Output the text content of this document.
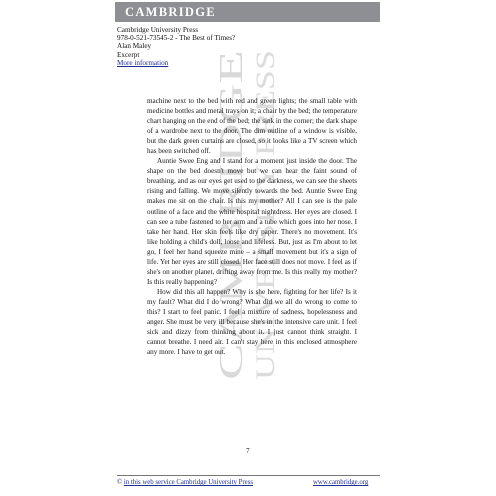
CAMBRIDGE
Cambridge University Press
978-0-521-73545-2 - The Best of Times?
Alan Maley
Excerpt
More information
CAMBRIDGE UNIVERSITY PRESS

machine next to the bed with red and green lights; the small table with medicine bottles and metal trays on it; a chair by the bed; the temperature chart hanging on the end of the bed; the sink in the corner; the dark shape of a wardrobe next to the door. The dim outline of a window is visible, but the dark green curtains are closed, so it looks like a TV screen which has been switched off.

Auntie Swee Eng and I stand for a moment just inside the door. The shape on the bed doesn't move but we can hear the faint sound of breathing, and as our eyes get used to the darkness, we can see the sheets rising and falling. We move silently towards the bed. Auntie Swee Eng makes me sit on the chair. Is this my mother? All I can see is the pale outline of a face and the white hospital nightdress. Her eyes are closed. I can see a tube fastened to her arm and a tube which goes into her nose. I take her hand. Her skin feels like dry paper. There's no movement. It's like holding a child's doll, loose and lifeless. But, just as I'm about to let go, I feel her hand squeeze mine – a small movement but it's a sign of life. Yet her eyes are still closed. Her face still does not move. I feel as if she's on another planet, drifting away from me. Is this really my mother? Is this really happening?

How did this all happen? Why is she here, fighting for her life? Is it my fault? What did I do wrong? What did we all do wrong to come to this? I start to feel panic. I feel a mixture of sadness, hopelessness and anger. She must be very ill because she's in the intensive care unit. I feel sick and dizzy from thinking about it. I just cannot think straight. I cannot breathe. I need air. I can't stay here in this enclosed atmosphere any more. I have to get out.

7
© in this web service Cambridge University Press	www.cambridge.org
